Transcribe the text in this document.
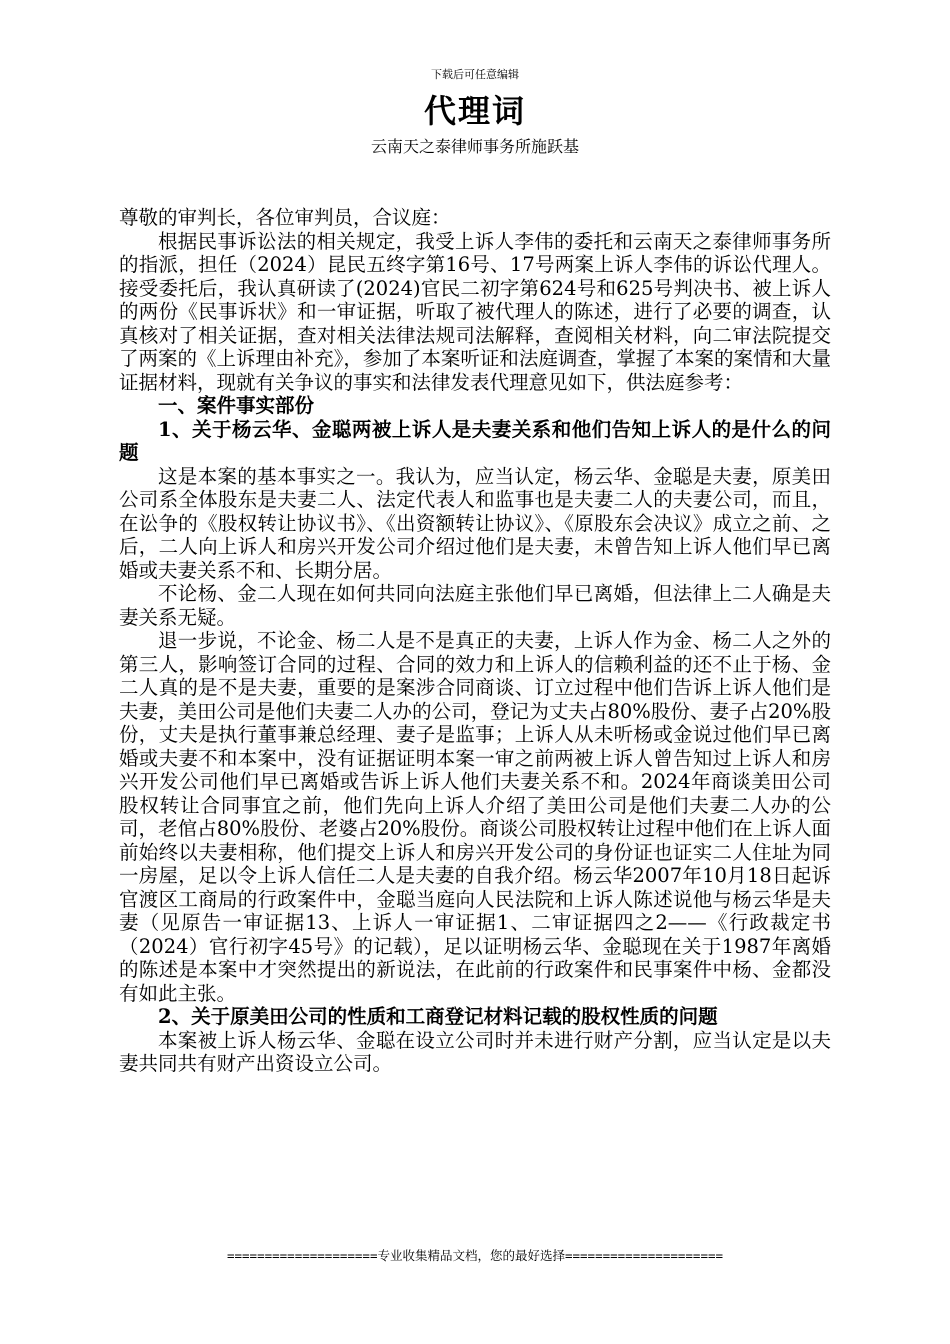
下载后可任意编辑
代理词
云南天之泰律师事务所施跃基

尊敬的审判长，各位审判员，合议庭：

根据民事诉讼法的相关规定，我受上诉人李伟的委托和云南天之泰律师事务所的指派，担任（2024）昆民五终字第16号、17号两案上诉人李伟的诉讼代理人。接受委托后，我认真研读了(2024)官民二初字第624号和625号判决书、被上诉人的两份《民事诉状》和一审证据，听取了被代理人的陈述，进行了必要的调查，认真核对了相关证据，查对相关法律法规司法解释，查阅相关材料，向二审法院提交了两案的《上诉理由补充》，参加了本案听证和法庭调查，掌握了本案的案情和大量证据材料，现就有关争议的事实和法律发表代理意见如下，供法庭参考：

一、案件事实部份

1、关于杨云华、金聪两被上诉人是夫妻关系和他们告知上诉人的是什么的问题

这是本案的基本事实之一。我认为，应当认定，杨云华、金聪是夫妻，原美田公司系全体股东是夫妻二人、法定代表人和监事也是夫妻二人的夫妻公司，而且，在讼争的《股权转让协议书》、《出资额转让协议》、《原股东会决议》成立之前、之后，二人向上诉人和房兴开发公司介绍过他们是夫妻，未曾告知上诉人他们早已离婚或夫妻关系不和、长期分居。

不论杨、金二人现在如何共同向法庭主张他们早已离婚，但法律上二人确是夫妻关系无疑。

退一步说，不论金、杨二人是不是真正的夫妻，上诉人作为金、杨二人之外的第三人，影响签订合同的过程、合同的效力和上诉人的信赖利益的还不止于杨、金二人真的是不是夫妻，重要的是案涉合同商谈、订立过程中他们告诉上诉人他们是夫妻，美田公司是他们夫妻二人办的公司，登记为丈夫占80%股份、妻子占20%股份，丈夫是执行董事兼总经理、妻子是监事；上诉人从未听杨或金说过他们早已离婚或夫妻不和本案中，没有证据证明本案一审之前两被上诉人曾告知过上诉人和房兴开发公司他们早已离婚或告诉上诉人他们夫妻关系不和。2024年商谈美田公司股权转让合同事宜之前，他们先向上诉人介绍了美田公司是他们夫妻二人办的公司，老倌占80%股份、老婆占20%股份。商谈公司股权转让过程中他们在上诉人面前始终以夫妻相称，他们提交上诉人和房兴开发公司的身份证也证实二人住址为同一房屋，足以令上诉人信任二人是夫妻的自我介绍。杨云华2007年10月18日起诉官渡区工商局的行政案件中，金聪当庭向人民法院和上诉人陈述说他与杨云华是夫妻（见原告一审证据13、上诉人一审证据1、二审证据四之2——《行政裁定书（2024）官行初字45号》的记载），足以证明杨云华、金聪现在关于1987年离婚的陈述是本案中才突然提出的新说法，在此前的行政案件和民事案件中杨、金都没有如此主张。

2、关于原美田公司的性质和工商登记材料记载的股权性质的问题

本案被上诉人杨云华、金聪在设立公司时并未进行财产分割，应当认定是以夫妻共同共有财产出资设立公司。

====================专业收集精品文档，您的最好选择=====================
